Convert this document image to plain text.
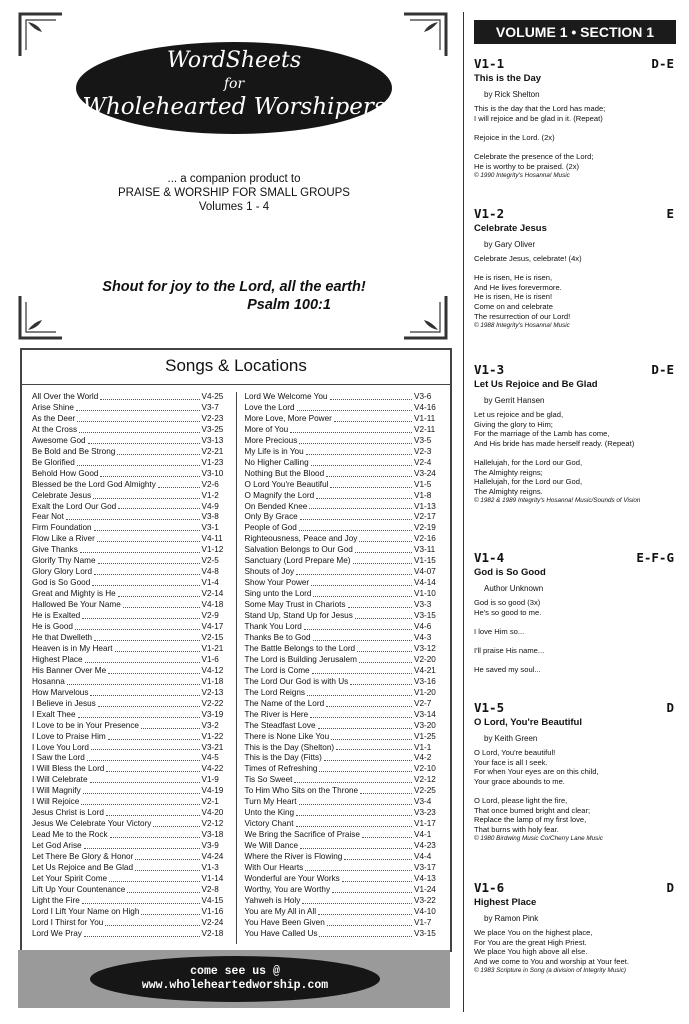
WordSheets
for
Wholehearted Worshipers
... a companion product to
PRAISE & WORSHIP FOR SMALL GROUPS
Volumes 1 - 4
Shout for joy to the Lord, all the earth!
Psalm 100:1
Songs & Locations
All Over the World	V4-25
Arise Shine	V3-7
As the Deer	V2-23
At the Cross	V3-25
Awesome God	V3-13
Be Bold and Be Strong	V2-21
Be Glorified	V1-23
Behold How Good	V3-10
Blessed be the Lord God Almighty	V2-6
Celebrate Jesus	V1-2
Exalt the Lord Our God	V4-9
Fear Not	V3-8
Firm Foundation	V3-1
Flow Like a River	V4-11
Give Thanks	V1-12
Glorify Thy Name	V2-5
Glory Glory Lord	V4-8
God is So Good	V1-4
Great and Mighty is He	V2-14
Hallowed Be Your Name	V4-18
He is Exalted	V2-9
He is Good	V4-17
He that Dwelleth	V2-15
Heaven is in My Heart	V1-21
Highest Place	V1-6
His Banner Over Me	V4-12
Hosanna	V1-18
How Marvelous	V2-13
I Believe in Jesus	V2-22
I Exalt Thee	V3-19
I Love to be in Your Presence	V3-2
I Love to Praise Him	V1-22
I Love You Lord	V3-21
I Saw the Lord	V4-5
I Will Bless the Lord	V4-22
I Will Celebrate	V1-9
I Will Magnify	V4-19
I Will Rejoice	V2-1
Jesus Christ is Lord	V4-20
Jesus We Celebrate Your Victory	V2-12
Lead Me to the Rock	V3-18
Let God Arise	V3-9
Let There Be Glory & Honor	V4-24
Let Us Rejoice and Be Glad	V1-3
Let Your Spirit Come	V1-14
Lift Up Your Countenance	V2-8
Light the Fire	V4-15
Lord I Lift Your Name on High	V1-16
Lord I Thirst for You	V2-24
Lord We Pray	V2-18
Lord We Welcome You	V3-6
Love the Lord	V4-16
More Love, More Power	V1-11
More of You	V2-11
More Precious	V3-5
My Life is in You	V2-3
No Higher Calling	V2-4
Nothing But the Blood	V3-24
O Lord You're Beautiful	V1-5
O Magnify the Lord	V1-8
On Bended Knee	V1-13
Only By Grace	V2-17
People of God	V2-19
Righteousness, Peace and Joy	V2-16
Salvation Belongs to Our God	V3-11
Sanctuary (Lord Prepare Me)	V1-15
Shouts of Joy	V4-07
Show Your Power	V4-14
Sing unto the Lord	V1-10
Some May Trust in Chariots	V3-3
Stand Up, Stand Up for Jesus	V3-15
Thank You Lord	V4-6
Thanks Be to God	V4-3
The Battle Belongs to the Lord	V3-12
The Lord is Building Jerusalem	V2-20
The Lord is Come	V4-21
The Lord Our God is with Us	V3-16
The Lord Reigns	V1-20
The Name of the Lord	V2-7
The River is Here	V3-14
The Steadfast Love	V3-20
There is None Like You	V1-25
This is the Day (Shelton)	V1-1
This is the Day (Fitts)	V4-2
Times of Refreshing	V2-10
Tis So Sweet	V2-12
To Him Who Sits on the Throne	V2-25
Turn My Heart	V3-4
Unto the King	V3-23
Victory Chant	V1-17
We Bring the Sacrifice of Praise	V4-1
We Will Dance	V4-23
Where the River is Flowing	V4-4
With Our Hearts	V3-17
Wonderful are Your Works	V4-13
Worthy, You are Worthy	V1-24
Yahweh is Holy	V3-22
You are My All in All	V4-10
You Have Been Given	V1-7
You Have Called Us	V3-15
come see us @
www.wholeheartedworship.com
VOLUME 1 • SECTION 1
V1-1	D-E
This is the Day
by Rick Shelton
This is the day that the Lord has made;
I will rejoice and be glad in it. (Repeat)

Rejoice in the Lord. (2x)

Celebrate the presence of the Lord;
He is worthy to be praised. (2x)
© 1990 Integrity's Hosanna! Music
V1-2	E
Celebrate Jesus
by Gary Oliver
Celebrate Jesus, celebrate! (4x)

He is risen, He is risen,
And He lives forevermore.
He is risen, He is risen!
Come on and celebrate
The resurrection of our Lord!
© 1988 Integrity's Hosanna! Music
V1-3	D-E
Let Us Rejoice and Be Glad
by Gerrit Hansen
Let us rejoice and be glad,
Giving the glory to Him;
For the marriage of the Lamb has come,
And His bride has made herself ready. (Repeat)

Hallelujah, for the Lord our God,
The Almighty reigns;
Hallelujah, for the Lord our God,
The Almighty reigns.
© 1982 & 1989 Integrity's Hosanna! Music/Sounds of Vision
V1-4	E-F-G
God is So Good
Author Unknown
God is so good (3x)
He's so good to me.

I love Him so...

I'll praise His name...

He saved my soul...
V1-5	D
O Lord, You're Beautiful
by Keith Green
O Lord, You're beautiful!
Your face is all I seek.
For when Your eyes are on this child,
Your grace abounds to me.

O Lord, please light the fire,
That once burned bright and clear;
Replace the lamp of my first love,
That burns with holy fear.
© 1980 Birdwing Music Co/Cherry Lane Music
V1-6	D
Highest Place
by Ramon Pink
We place You on the highest place,
For You are the great High Priest.
We place You high above all else.
And we come to You and worship at Your feet.
© 1983 Scripture in Song (a division of Integrity Music)
